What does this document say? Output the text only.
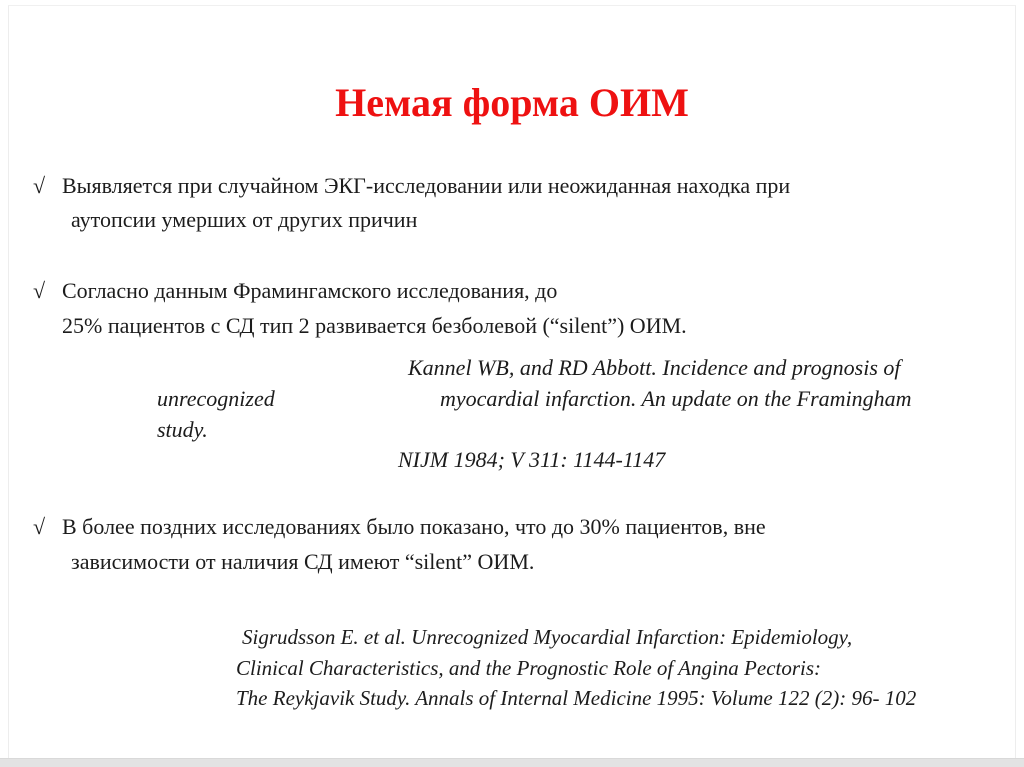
Немая форма ОИМ
√ Выявляется при случайном ЭКГ-исследовании или неожиданная находка при
аутопсии умерших от других причин
√ Согласно данным Фрамингамского исследования, до
25% пациентов с СД тип 2 развивается безболевой (“silent”) ОИМ.
Kannel WB, and RD Abbott. Incidence and prognosis of
unrecognized	myocardial infarction. An update on the Framingham
study.
NIJM 1984; V 311: 1144-1147
√ В более поздних исследованиях было показано, что до 30% пациентов, вне
зависимости от наличия СД имеют “silent” ОИМ.
Sigrudsson E. et al. Unrecognized Myocardial Infarction: Epidemiology,
Clinical Characteristics, and the Prognostic Role of Angina Pectoris:
The Reykjavik Study. Annals of Internal Medicine 1995: Volume 122 (2): 96- 102
